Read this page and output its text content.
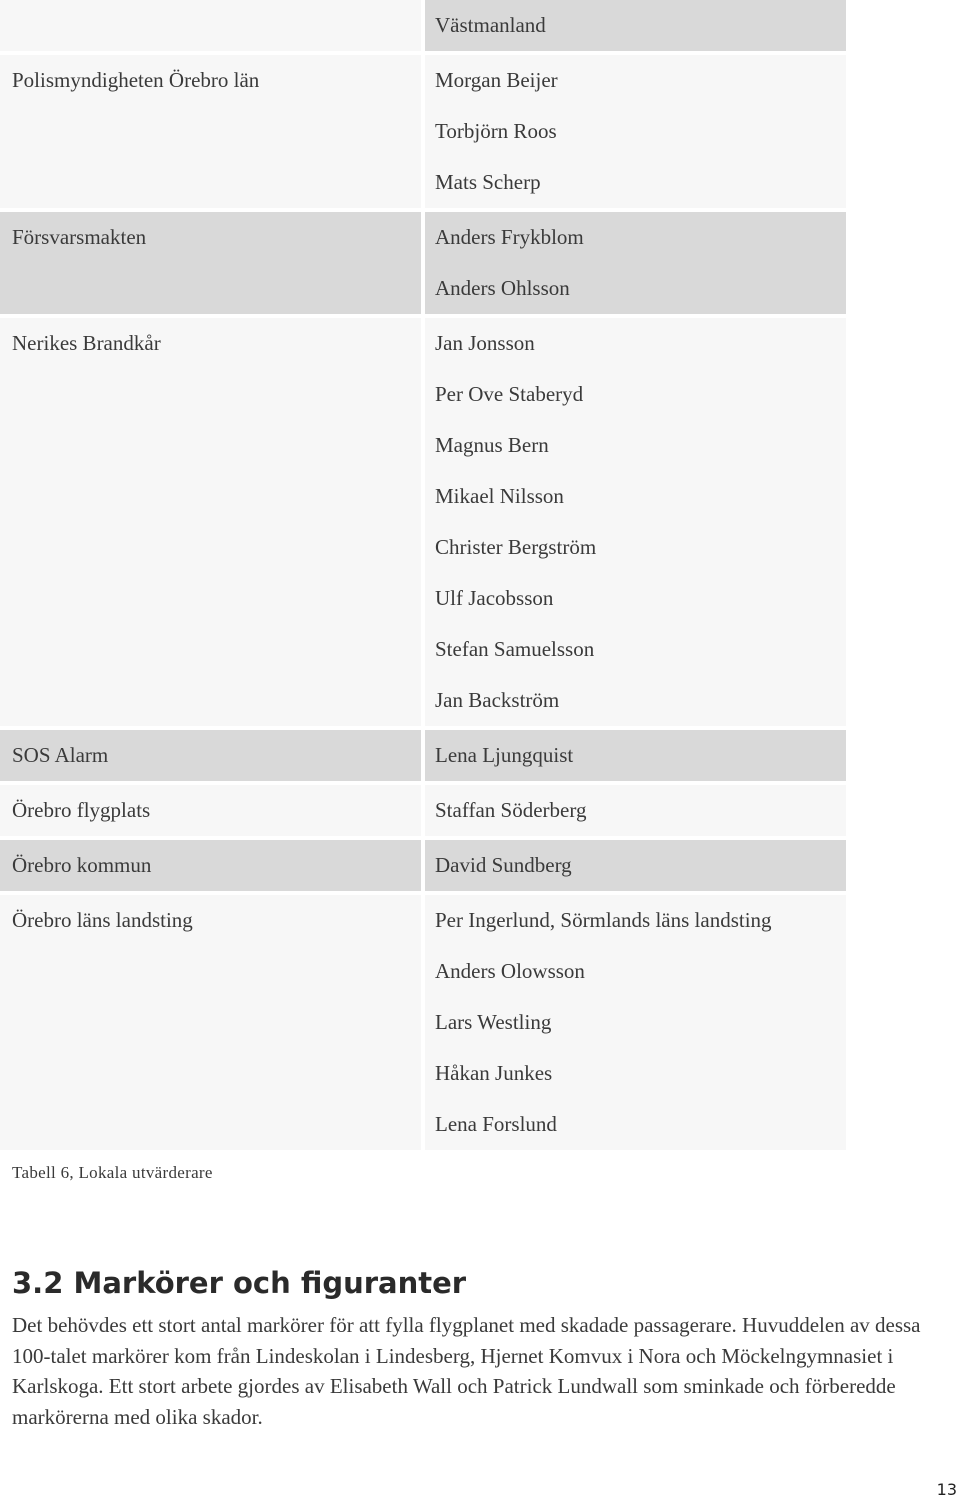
Västmanland
Polismyndigheten Örebro län	Morgan Beijer
Torbjörn Roos
Mats Scherp
Försvarsmakten	Anders Frykblom
Anders Ohlsson
Nerikes Brandkår	Jan Jonsson
Per Ove Staberyd
Magnus Bern
Mikael Nilsson
Christer Bergström
Ulf Jacobsson
Stefan Samuelsson
Jan Backström
SOS Alarm	Lena Ljungquist
Örebro flygplats	Staffan Söderberg
Örebro kommun	David Sundberg
Örebro läns landsting	Per Ingerlund, Sörmlands läns landsting
Anders Olowsson
Lars Westling
Håkan Junkes
Lena Forslund
Tabell 6, Lokala utvärderare
3.2 Markörer och figuranter

Det behövdes ett stort antal markörer för att fylla flygplanet med skadade passagerare. Huvuddelen av dessa 100-talet markörer kom från Lindeskolan i Lindesberg, Hjernet Komvux i Nora och Möckelngymnasiet i Karlskoga. Ett stort arbete gjordes av Elisabeth Wall och Patrick Lundwall som sminkade och förberedde markörerna med olika skador.

13
